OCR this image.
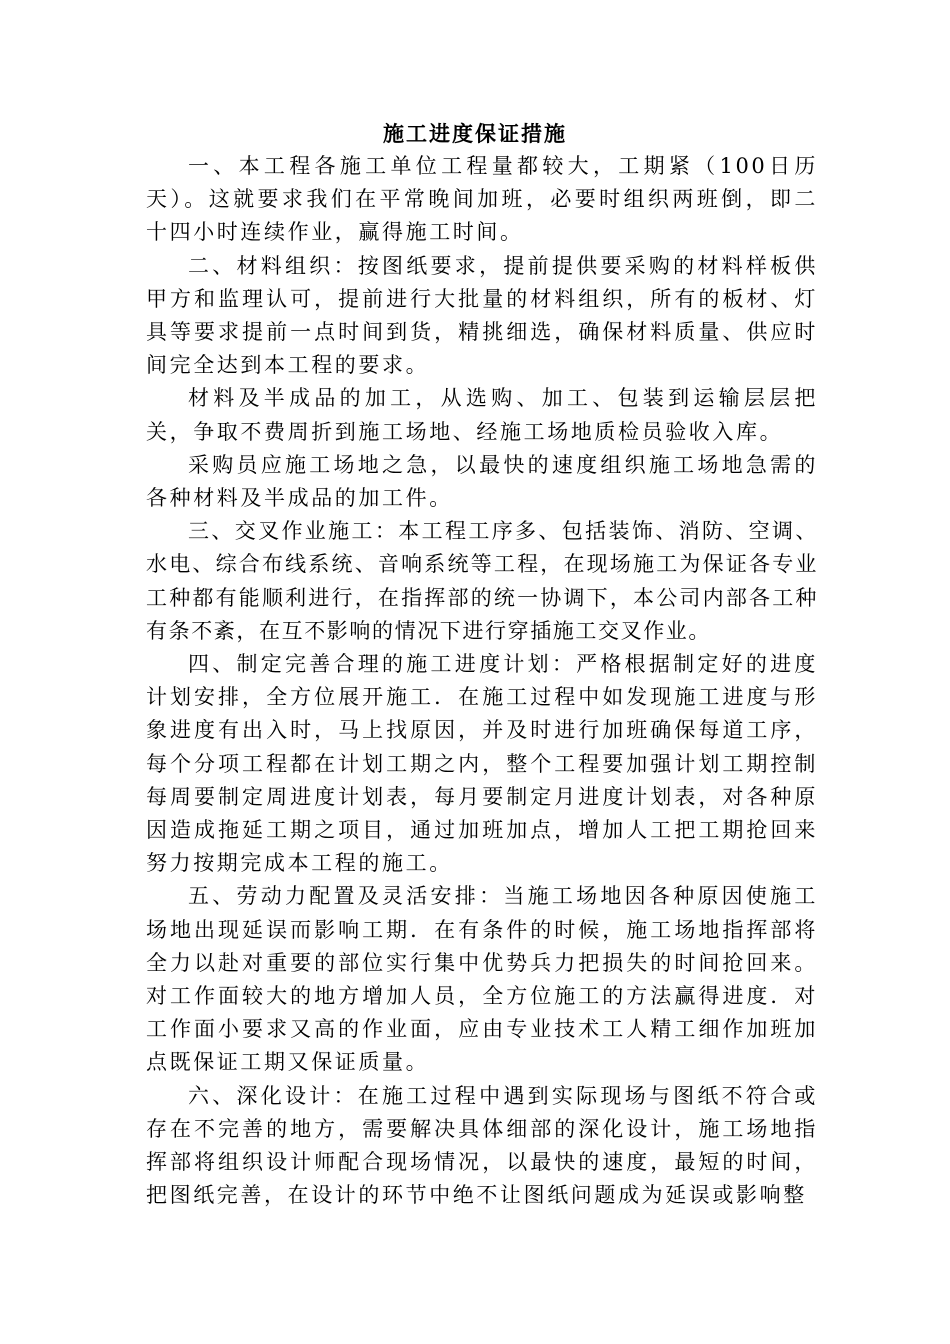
施工进度保证措施

一、本工程各施工单位工程量都较大，工期紧（100日历天）。这就要求我们在平常晚间加班，必要时组织两班倒，即二十四小时连续作业，赢得施工时间。

二、材料组织：按图纸要求，提前提供要采购的材料样板供甲方和监理认可，提前进行大批量的材料组织，所有的板材、灯具等要求提前一点时间到货，精挑细选，确保材料质量、供应时间完全达到本工程的要求。

材料及半成品的加工，从选购、加工、包装到运输层层把关，争取不费周折到施工场地、经施工场地质检员验收入库。

采购员应施工场地之急，以最快的速度组织施工场地急需的各种材料及半成品的加工件。

三、交叉作业施工：本工程工序多、包括装饰、消防、空调、水电、综合布线系统、音响系统等工程，在现场施工为保证各专业工种都有能顺利进行，在指挥部的统一协调下，本公司内部各工种有条不紊，在互不影响的情况下进行穿插施工交叉作业。

四、制定完善合理的施工进度计划：严格根据制定好的进度计划安排，全方位展开施工．在施工过程中如发现施工进度与形象进度有出入时，马上找原因，并及时进行加班确保每道工序，每个分项工程都在计划工期之内，整个工程要加强计划工期控制每周要制定周进度计划表，每月要制定月进度计划表，对各种原因造成拖延工期之项目，通过加班加点，增加人工把工期抢回来努力按期完成本工程的施工。

五、劳动力配置及灵活安排：当施工场地因各种原因使施工场地出现延误而影响工期．在有条件的时候，施工场地指挥部将全力以赴对重要的部位实行集中优势兵力把损失的时间抢回来。对工作面较大的地方增加人员，全方位施工的方法赢得进度．对工作面小要求又高的作业面，应由专业技术工人精工细作加班加点既保证工期又保证质量。

六、深化设计：在施工过程中遇到实际现场与图纸不符合或存在不完善的地方，需要解决具体细部的深化设计，施工场地指挥部将组织设计师配合现场情况，以最快的速度，最短的时间，把图纸完善，在设计的环节中绝不让图纸问题成为延误或影响整
